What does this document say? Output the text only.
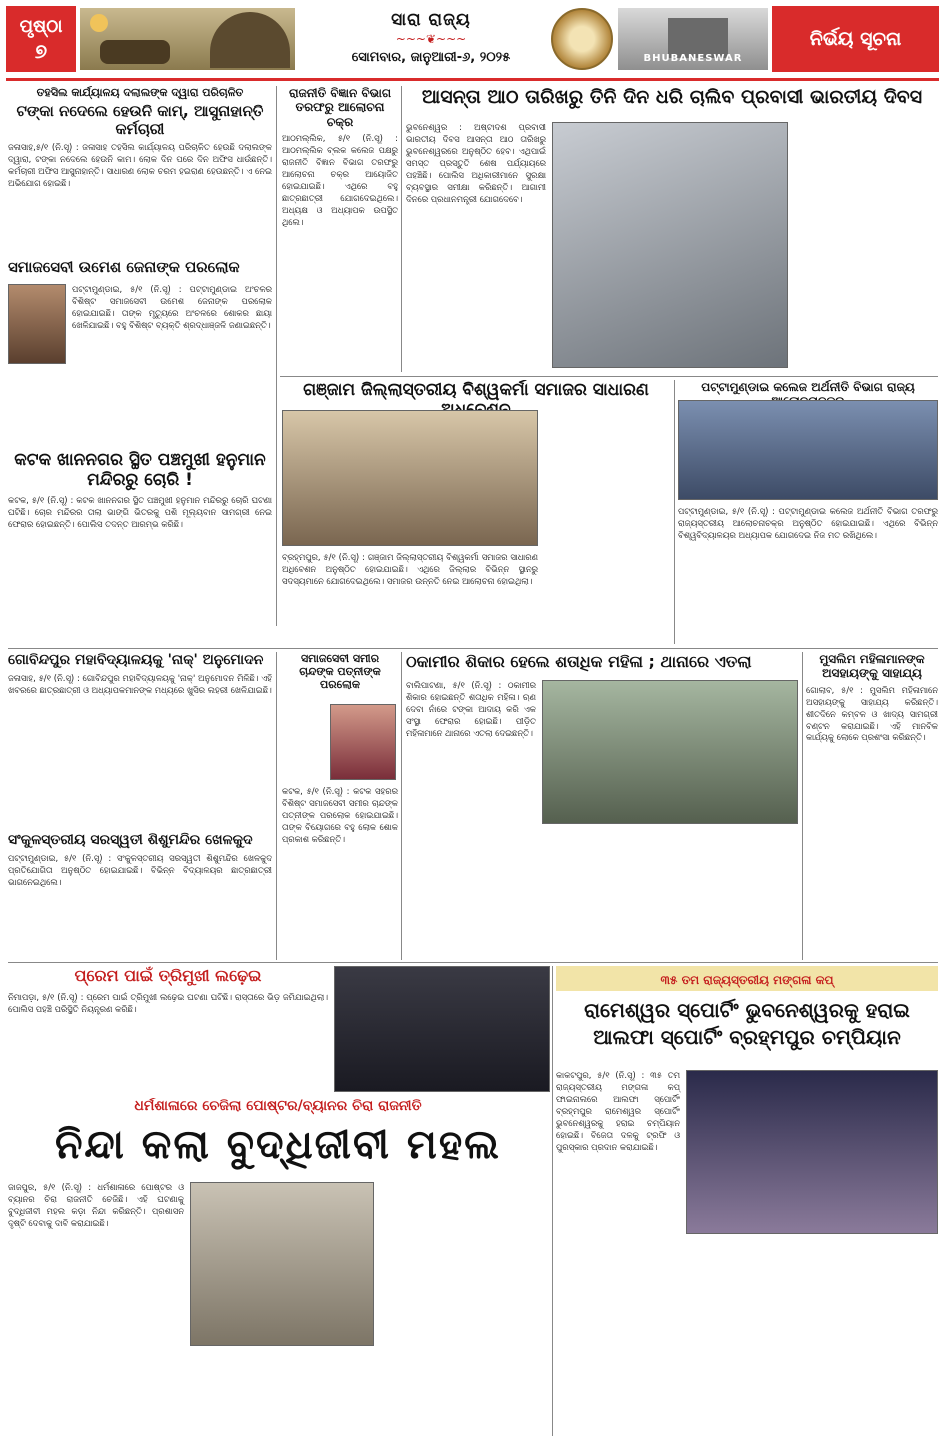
ପୃଷ୍ଠା
୭
ସାରା ରାଜ୍ୟ
~~~❦~~~
ସୋମବାର, ଜାନୁଆରୀ-୬, ୨୦୨୫	BHUBANESWAR
ନିର୍ଭୟ ସୂଚନା
ତହସିଲ କାର୍ଯ୍ୟାଳୟ ଦଲାଲଙ୍କ ଦ୍ୱାରା ପରିଚାଳିତ
ଟଙ୍କା ନଦେଲେ ହେଉନି କାମ୍, ଆସୁନାହାନ୍ତି କର୍ମଚାରୀ
ଜଳାସାହ,୫/୧ (ନି.ସୂ) : ଜଳାସାହ ତହସିଲ କାର୍ଯ୍ୟାଳୟ ପରିଚାଳିତ ହେଉଛି ଦଲାଲଙ୍କ ଦ୍ୱାରା, ଟଙ୍କା ନଦେଲେ ହେଉନି କାମ। ଲୋକ ଦିନ ପରେ ଦିନ ଅଫିସ ଧାଉଁଛନ୍ତି। କର୍ମଚାରୀ ଅଫିସ ଆସୁନାହାନ୍ତି। ସାଧାରଣ ଲୋକ ଚରମ ହଇରାଣ ହେଉଛନ୍ତି। ଏ ନେଇ ଅଭିଯୋଗ ହୋଇଛି।
ରାଜନୀତି ବିଜ୍ଞାନ ବିଭାଗ ତରଫରୁ ଆଲୋଚନା ଚକ୍ର
ଆଠମଲ୍ଲିକ, ୫/୧ (ନି.ସୂ) : ଆଠମଲ୍ଲିକ ବ୍ଲକ କଲେଜ ପକ୍ଷରୁ ରାଜନୀତି ବିଜ୍ଞାନ ବିଭାଗ ତରଫରୁ ଆଲୋଚନା ଚକ୍ର ଆୟୋଜିତ ହୋଇଯାଇଛି। ଏଥିରେ ବହୁ ଛାତ୍ରଛାତ୍ରୀ ଯୋଗଦେଇଥିଲେ। ଅଧ୍ୟକ୍ଷ ଓ ଅଧ୍ୟାପକ ଉପସ୍ଥିତ ଥିଲେ।
ଆସନ୍ତା ଆଠ ତାରିଖରୁ ତିନି ଦିନ ଧରି ଚାଲିବ ପ୍ରବାସୀ ଭାରତୀୟ ଦିବସ
ଭୁବନେଶ୍ୱର : ଅଷ୍ଟାଦଶ ପ୍ରବାସୀ ଭାରତୀୟ ଦିବସ ଆସନ୍ତା ଆଠ ତାରିଖରୁ ଭୁବନେଶ୍ୱରରେ ଅନୁଷ୍ଠିତ ହେବ। ଏଥିପାଇଁ ସମସ୍ତ ପ୍ରସ୍ତୁତି ଶେଷ ପର୍ଯ୍ୟାୟରେ ପହଞ୍ଚିଛି। ପୋଲିସ ଅଧିକାରୀମାନେ ସୁରକ୍ଷା ବ୍ୟବସ୍ଥାର ସମୀକ୍ଷା କରିଛନ୍ତି। ଆଗାମୀ ଦିନରେ ପ୍ରଧାନମନ୍ତ୍ରୀ ଯୋଗଦେବେ।
ସମାଜସେବୀ ଉମେଶ ଜେନାଙ୍କ ପରଲୋକ
ପଟ୍ଟାମୁଣ୍ଡାଇ, ୫/୧ (ନି.ସୂ) : ପଟ୍ଟାମୁଣ୍ଡାଇ ଅଂଚଳର ବିଶିଷ୍ଟ ସମାଜସେବୀ ଉମେଶ ଜେନାଙ୍କ ପରଲୋକ ହୋଇଯାଇଛି। ତାଙ୍କ ମୃତ୍ୟୁରେ ଅଂଚଳରେ ଶୋକର ଛାୟା ଖେଳିଯାଇଛି। ବହୁ ବିଶିଷ୍ଟ ବ୍ୟକ୍ତି ଶ୍ରଦ୍ଧାଞ୍ଜଳି ଜଣାଇଛନ୍ତି।
କଟକ ଖାନନଗର ସ୍ଥିତ ପଞ୍ଚମୁଖୀ ହନୁମାନ ମନ୍ଦିରରୁ ଚୋରି !
କଟକ, ୫/୧ (ନି.ସୂ) : କଟକ ଖାନନଗର ସ୍ଥିତ ପଞ୍ଚମୁଖୀ ହନୁମାନ ମନ୍ଦିରରୁ ଚୋରି ଘଟଣା ଘଟିଛି। ଚୋର ମନ୍ଦିରର ତାଲା ଭାଙ୍ଗି ଭିତରକୁ ପଶି ମୂଲ୍ୟବାନ ସାମଗ୍ରୀ ନେଇ ଫେରାର ହୋଇଛନ୍ତି। ପୋଲିସ ତଦନ୍ତ ଆରମ୍ଭ କରିଛି।
ଗଞ୍ଜାମ ଜିଲ୍ଲାସ୍ତରୀୟ ବିଶ୍ୱକର୍ମା ସମାଜର ସାଧାରଣ
ବ୍ରହ୍ମପୁର, ୫/୧ (ନି.ସୂ) : ଗଞ୍ଜାମ ଜିଲ୍ଲାସ୍ତରୀୟ ବିଶ୍ୱକର୍ମା ସମାଜର ସାଧାରଣ ଅଧିବେଶନ ଅନୁଷ୍ଠିତ ହୋଇଯାଇଛି। ଏଥିରେ ଜିଲ୍ଲାର ବିଭିନ୍ନ ସ୍ଥାନରୁ ସଦସ୍ୟମାନେ ଯୋଗଦେଇଥିଲେ। ସମାଜର ଉନ୍ନତି ନେଇ ଆଲୋଚନା ହୋଇଥିଲା।
ପଟ୍ଟାମୁଣ୍ଡାଇ କଲେଜ ଅର୍ଥନୀତି ବିଭାଗ ରାଜ୍ୟ
ପଟ୍ଟାମୁଣ୍ଡାଇ, ୫/୧ (ନି.ସୂ) : ପଟ୍ଟାମୁଣ୍ଡାଇ କଲେଜ ଅର୍ଥନୀତି ବିଭାଗ ତରଫରୁ ରାଜ୍ୟସ୍ତରୀୟ ଆଲୋଚନାଚକ୍ର ଅନୁଷ୍ଠିତ ହୋଇଯାଇଛି। ଏଥିରେ ବିଭିନ୍ନ ବିଶ୍ୱବିଦ୍ୟାଳୟର ଅଧ୍ୟାପକ ଯୋଗଦେଇ ନିଜ ମତ ରଖିଥିଲେ।
ଗୋବିନ୍ଦପୁର ମହାବିଦ୍ୟାଳୟକୁ 'ନାକ୍' ଅନୁମୋଦନ
ଜଳାସାହ, ୫/୧ (ନି.ସୂ) : ଗୋବିନ୍ଦପୁର ମହାବିଦ୍ୟାଳୟକୁ 'ନାକ୍' ଅନୁମୋଦନ ମିଳିଛି। ଏହି ଖବରରେ ଛାତ୍ରଛାତ୍ରୀ ଓ ଅଧ୍ୟାପକମାନଙ୍କ ମଧ୍ୟରେ ଖୁସିର ଲହରୀ ଖେଳିଯାଇଛି।
ସଂକୁଳସ୍ତରୀୟ ସରସ୍ୱତୀ ଶିଶୁମନ୍ଦିର ଖେଳକୁଦ
ପଟ୍ଟାମୁଣ୍ଡାଇ, ୫/୧ (ନି.ସୂ) : ସଂକୁଳସ୍ତରୀୟ ସରସ୍ୱତୀ ଶିଶୁମନ୍ଦିର ଖେଳକୁଦ ପ୍ରତିଯୋଗିତା ଅନୁଷ୍ଠିତ ହୋଇଯାଇଛି। ବିଭିନ୍ନ ବିଦ୍ୟାଳୟର ଛାତ୍ରଛାତ୍ରୀ ଭାଗନେଇଥିଲେ।
ସମାଜସେବୀ ସମୀର ଚାନ୍ଦଙ୍କ ପତ୍ନୀଙ୍କ ପରଲୋକ
କଟକ, ୫/୧ (ନି.ସୂ) : କଟକ ସହରର ବିଶିଷ୍ଟ ସମାଜସେବୀ ସମୀର ଚାନ୍ଦଙ୍କ ପତ୍ନୀଙ୍କ ପରଲୋକ ହୋଇଯାଇଛି। ତାଙ୍କ ବିୟୋଗରେ ବହୁ ଲୋକ ଶୋକ ପ୍ରକାଶ କରିଛନ୍ତି।
ଠକାମୀର ଶିକାର ହେଲେ ଶତାଧିକ ମହିଳା ; ଥାନାରେ ଏତଲା
ବାଲିପାଟଣା, ୫/୧ (ନି.ସୂ) : ଠକାମୀର ଶିକାର ହୋଇଛନ୍ତି ଶତାଧିକ ମହିଳା। ଋଣ ଦେବା ନାଁରେ ଟଙ୍କା ଆଦାୟ କରି ଏକ ସଂସ୍ଥା ଫେରାର ହୋଇଛି। ପୀଡ଼ିତ ମହିଳାମାନେ ଥାନାରେ ଏତଲା ଦେଇଛନ୍ତି।
ମୁସଲିମ ମହିଳାମାନଙ୍କ ଅସହାୟଙ୍କୁ ସାହାଯ୍ୟ
ଗୋଲାବ, ୫/୧ : ମୁସଲିମ ମହିଳାମାନେ ଅସହାୟଙ୍କୁ ସାହାଯ୍ୟ କରିଛନ୍ତି। ଶୀତଦିନେ କମ୍ବଳ ଓ ଖାଦ୍ୟ ସାମଗ୍ରୀ ବଣ୍ଟନ କରାଯାଇଛି। ଏହି ମାନବିକ କାର୍ଯ୍ୟକୁ ଲୋକେ ପ୍ରଶଂସା କରିଛନ୍ତି।
ପ୍ରେମ ପାଇଁ ତ୍ରିମୁଖୀ ଲଢ଼େଇ
ନିମାପଡ଼ା, ୫/୧ (ନି.ସୂ) : ପ୍ରେମ ପାଇଁ ତ୍ରିମୁଖୀ ଲଢ଼େଇ ଘଟଣା ଘଟିଛି। ରାସ୍ତାରେ ଭିଡ଼ ଜମିଯାଇଥିଲା। ପୋଲିସ ପହଞ୍ଚି ପରିସ୍ଥିତି ନିୟନ୍ତ୍ରଣ କରିଛି।
୩୫ ତମ ରାଜ୍ୟସ୍ତରୀୟ ମଙ୍ଗଳା କପ୍
ରାମେଶ୍ୱର ସ୍ପୋର୍ଟିଂ ଭୁବନେଶ୍ୱରକୁ ହରାଇ ଆଲଫା ସ୍ପୋର୍ଟିଂ ବ୍ରହ୍ମପୁର ଚମ୍ପିୟାନ
କାକଟପୁର, ୫/୧ (ନି.ସୂ) : ୩୫ ତମ ରାଜ୍ୟସ୍ତରୀୟ ମଙ୍ଗଳା କପ୍ ଫାଇନାଲରେ ଆଲଫା ସ୍ପୋର୍ଟିଂ ବ୍ରହ୍ମପୁର ରାମେଶ୍ୱର ସ୍ପୋର୍ଟିଂ ଭୁବନେଶ୍ୱରକୁ ହରାଇ ଚମ୍ପିୟାନ ହୋଇଛି। ବିଜେତା ଦଳକୁ ଟ୍ରଫି ଓ ପୁରସ୍କାର ପ୍ରଦାନ କରାଯାଇଛି।
ଧର୍ମଶାଳାରେ ଚେଜିଲା ପୋଷ୍ଟର/ବ୍ୟାନର ଚିରା ରାଜନୀତି
ନିନ୍ଦା କଲା ବୁଦ୍ଧିଜୀବୀ ମହଲ
ଜାଜପୁର, ୫/୧ (ନି.ସୂ) : ଧର୍ମଶାଳାରେ ପୋଷ୍ଟର ଓ ବ୍ୟାନର ଚିରା ରାଜନୀତି ଚେଜିଛି। ଏହି ଘଟଣାକୁ ବୁଦ୍ଧିଜୀବୀ ମହଲ କଡ଼ା ନିନ୍ଦା କରିଛନ୍ତି। ପ୍ରଶାସନ ଦୃଷ୍ଟି ଦେବାକୁ ଦାବି କରାଯାଇଛି।
